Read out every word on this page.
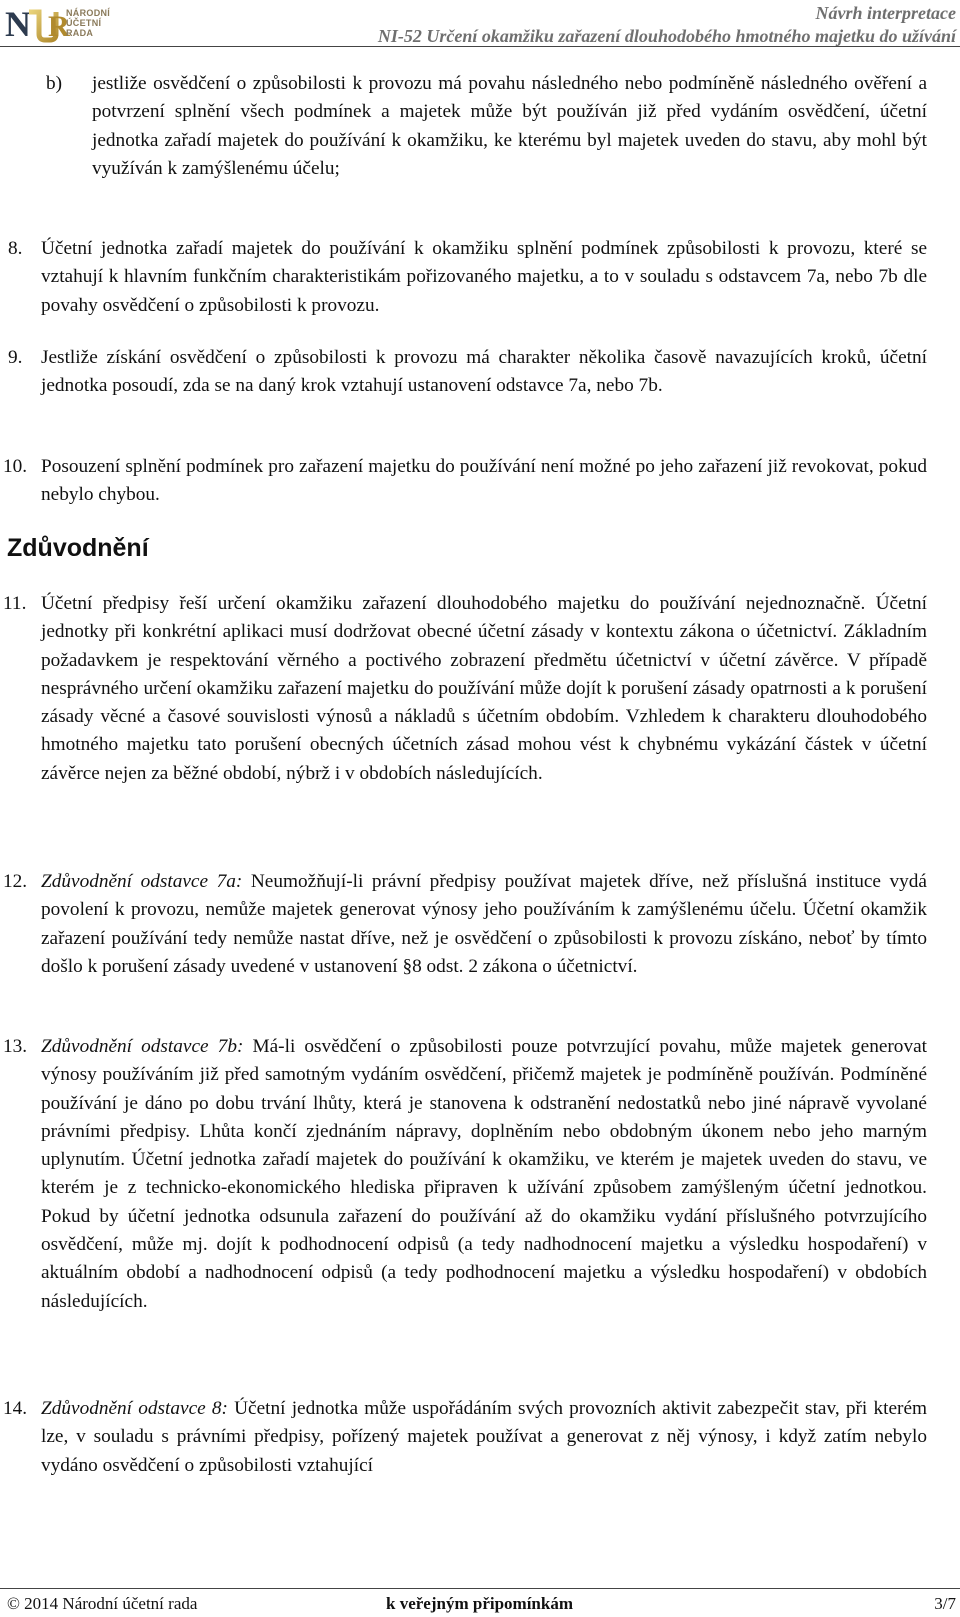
N R
NÁRODNÍ
ÚČETNÍ
RADA
Návrh interpretace
NI-52 Určení okamžiku zařazení dlouhodobého hmotného majetku do užívání
b)	jestliže osvědčení o způsobilosti k provozu má povahu následného nebo podmíněně následného ověření a potvrzení splnění všech podmínek a majetek může být používán již před vydáním osvědčení, účetní jednotka zařadí majetek do používání k okamžiku, ke kterému byl majetek uveden do stavu, aby mohl být využíván k zamýšlenému účelu;
8. Účetní jednotka zařadí majetek do používání k okamžiku splnění podmínek způsobilosti k provozu, které se vztahují k hlavním funkčním charakteristikám pořizovaného majetku, a to v souladu s odstavcem 7a, nebo 7b dle povahy osvědčení o způsobilosti k provozu.
9. Jestliže získání osvědčení o způsobilosti k provozu má charakter několika časově navazujících kroků, účetní jednotka posoudí, zda se na daný krok vztahují ustanovení odstavce 7a, nebo 7b.
10. Posouzení splnění podmínek pro zařazení majetku do používání není možné po jeho zařazení již revokovat, pokud nebylo chybou.
Zdůvodnění
11. Účetní předpisy řeší určení okamžiku zařazení dlouhodobého majetku do používání nejednoznačně. Účetní jednotky při konkrétní aplikaci musí dodržovat obecné účetní zásady v kontextu zákona o účetnictví. Základním požadavkem je respektování věrného a poctivého zobrazení předmětu účetnictví v účetní závěrce. V případě nesprávného určení okamžiku zařazení majetku do používání může dojít k porušení zásady opatrnosti a k porušení zásady věcné a časové souvislosti výnosů a nákladů s účetním obdobím. Vzhledem k charakteru dlouhodobého hmotného majetku tato porušení obecných účetních zásad mohou vést k chybnému vykázání částek v účetní závěrce nejen za běžné období, nýbrž i v obdobích následujících.
12. Zdůvodnění odstavce 7a: Neumožňují-li právní předpisy používat majetek dříve, než příslušná instituce vydá povolení k provozu, nemůže majetek generovat výnosy jeho používáním k zamýšlenému účelu. Účetní okamžik zařazení používání tedy nemůže nastat dříve, než je osvědčení o způsobilosti k provozu získáno, neboť by tímto došlo k porušení zásady uvedené v ustanovení §8 odst. 2 zákona o účetnictví.
13. Zdůvodnění odstavce 7b: Má-li osvědčení o způsobilosti pouze potvrzující povahu, může majetek generovat výnosy používáním již před samotným vydáním osvědčení, přičemž majetek je podmíněně používán. Podmíněné používání je dáno po dobu trvání lhůty, která je stanovena k odstranění nedostatků nebo jiné nápravě vyvolané právními předpisy. Lhůta končí zjednáním nápravy, doplněním nebo obdobným úkonem nebo jeho marným uplynutím. Účetní jednotka zařadí majetek do používání k okamžiku, ve kterém je majetek uveden do stavu, ve kterém je z technicko-ekonomického hlediska připraven k užívání způsobem zamýšleným účetní jednotkou. Pokud by účetní jednotka odsunula zařazení do používání až do okamžiku vydání příslušného potvrzujícího osvědčení, může mj. dojít k podhodnocení odpisů (a tedy nadhodnocení majetku a výsledku hospodaření) v aktuálním období a nadhodnocení odpisů (a tedy podhodnocení majetku a výsledku hospodaření) v obdobích následujících.
14. Zdůvodnění odstavce 8: Účetní jednotka může uspořádáním svých provozních aktivit zabezpečit stav, při kterém lze, v souladu s právními předpisy, pořízený majetek používat a generovat z něj výnosy, i když zatím nebylo vydáno osvědčení o způsobilosti vztahující
© 2014 Národní účetní rada	k veřejným připomínkám	3/7
